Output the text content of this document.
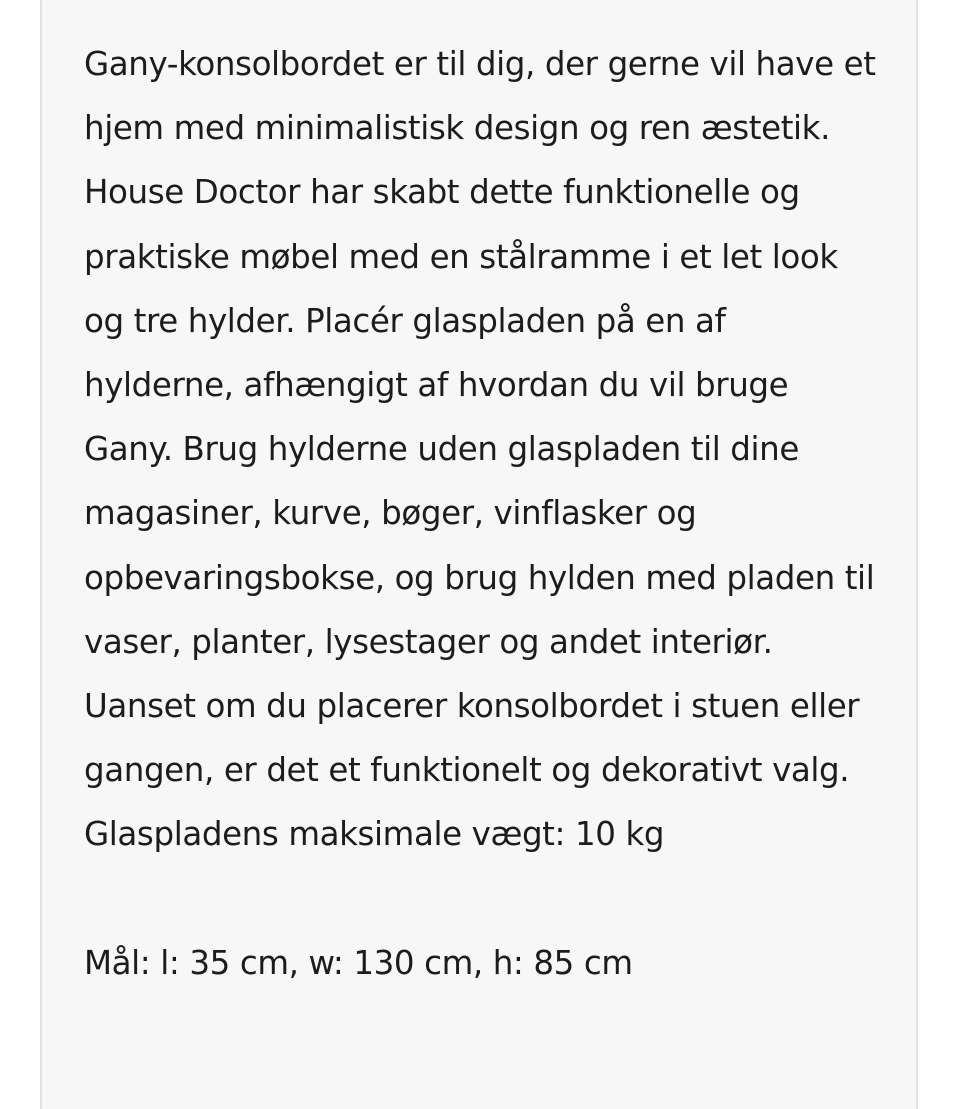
Gany-konsolbordet er til dig, der gerne vil have et hjem med minimalistisk design og ren æstetik. House Doctor har skabt dette funktionelle og praktiske møbel med en stålramme i et let look og tre hylder. Placér glaspladen på en af hylderne, afhængigt af hvordan du vil bruge Gany. Brug hylderne uden glaspladen til dine magasiner, kurve, bøger, vinflasker og opbevaringsbokse, og brug hylden med pladen til vaser, planter, lysestager og andet interiør. Uanset om du placerer konsolbordet i stuen eller gangen, er det et funktionelt og dekorativt valg. Glaspladens maksimale vægt: 10 kg

Mål: l: 35 cm, w: 130 cm, h: 85 cm
